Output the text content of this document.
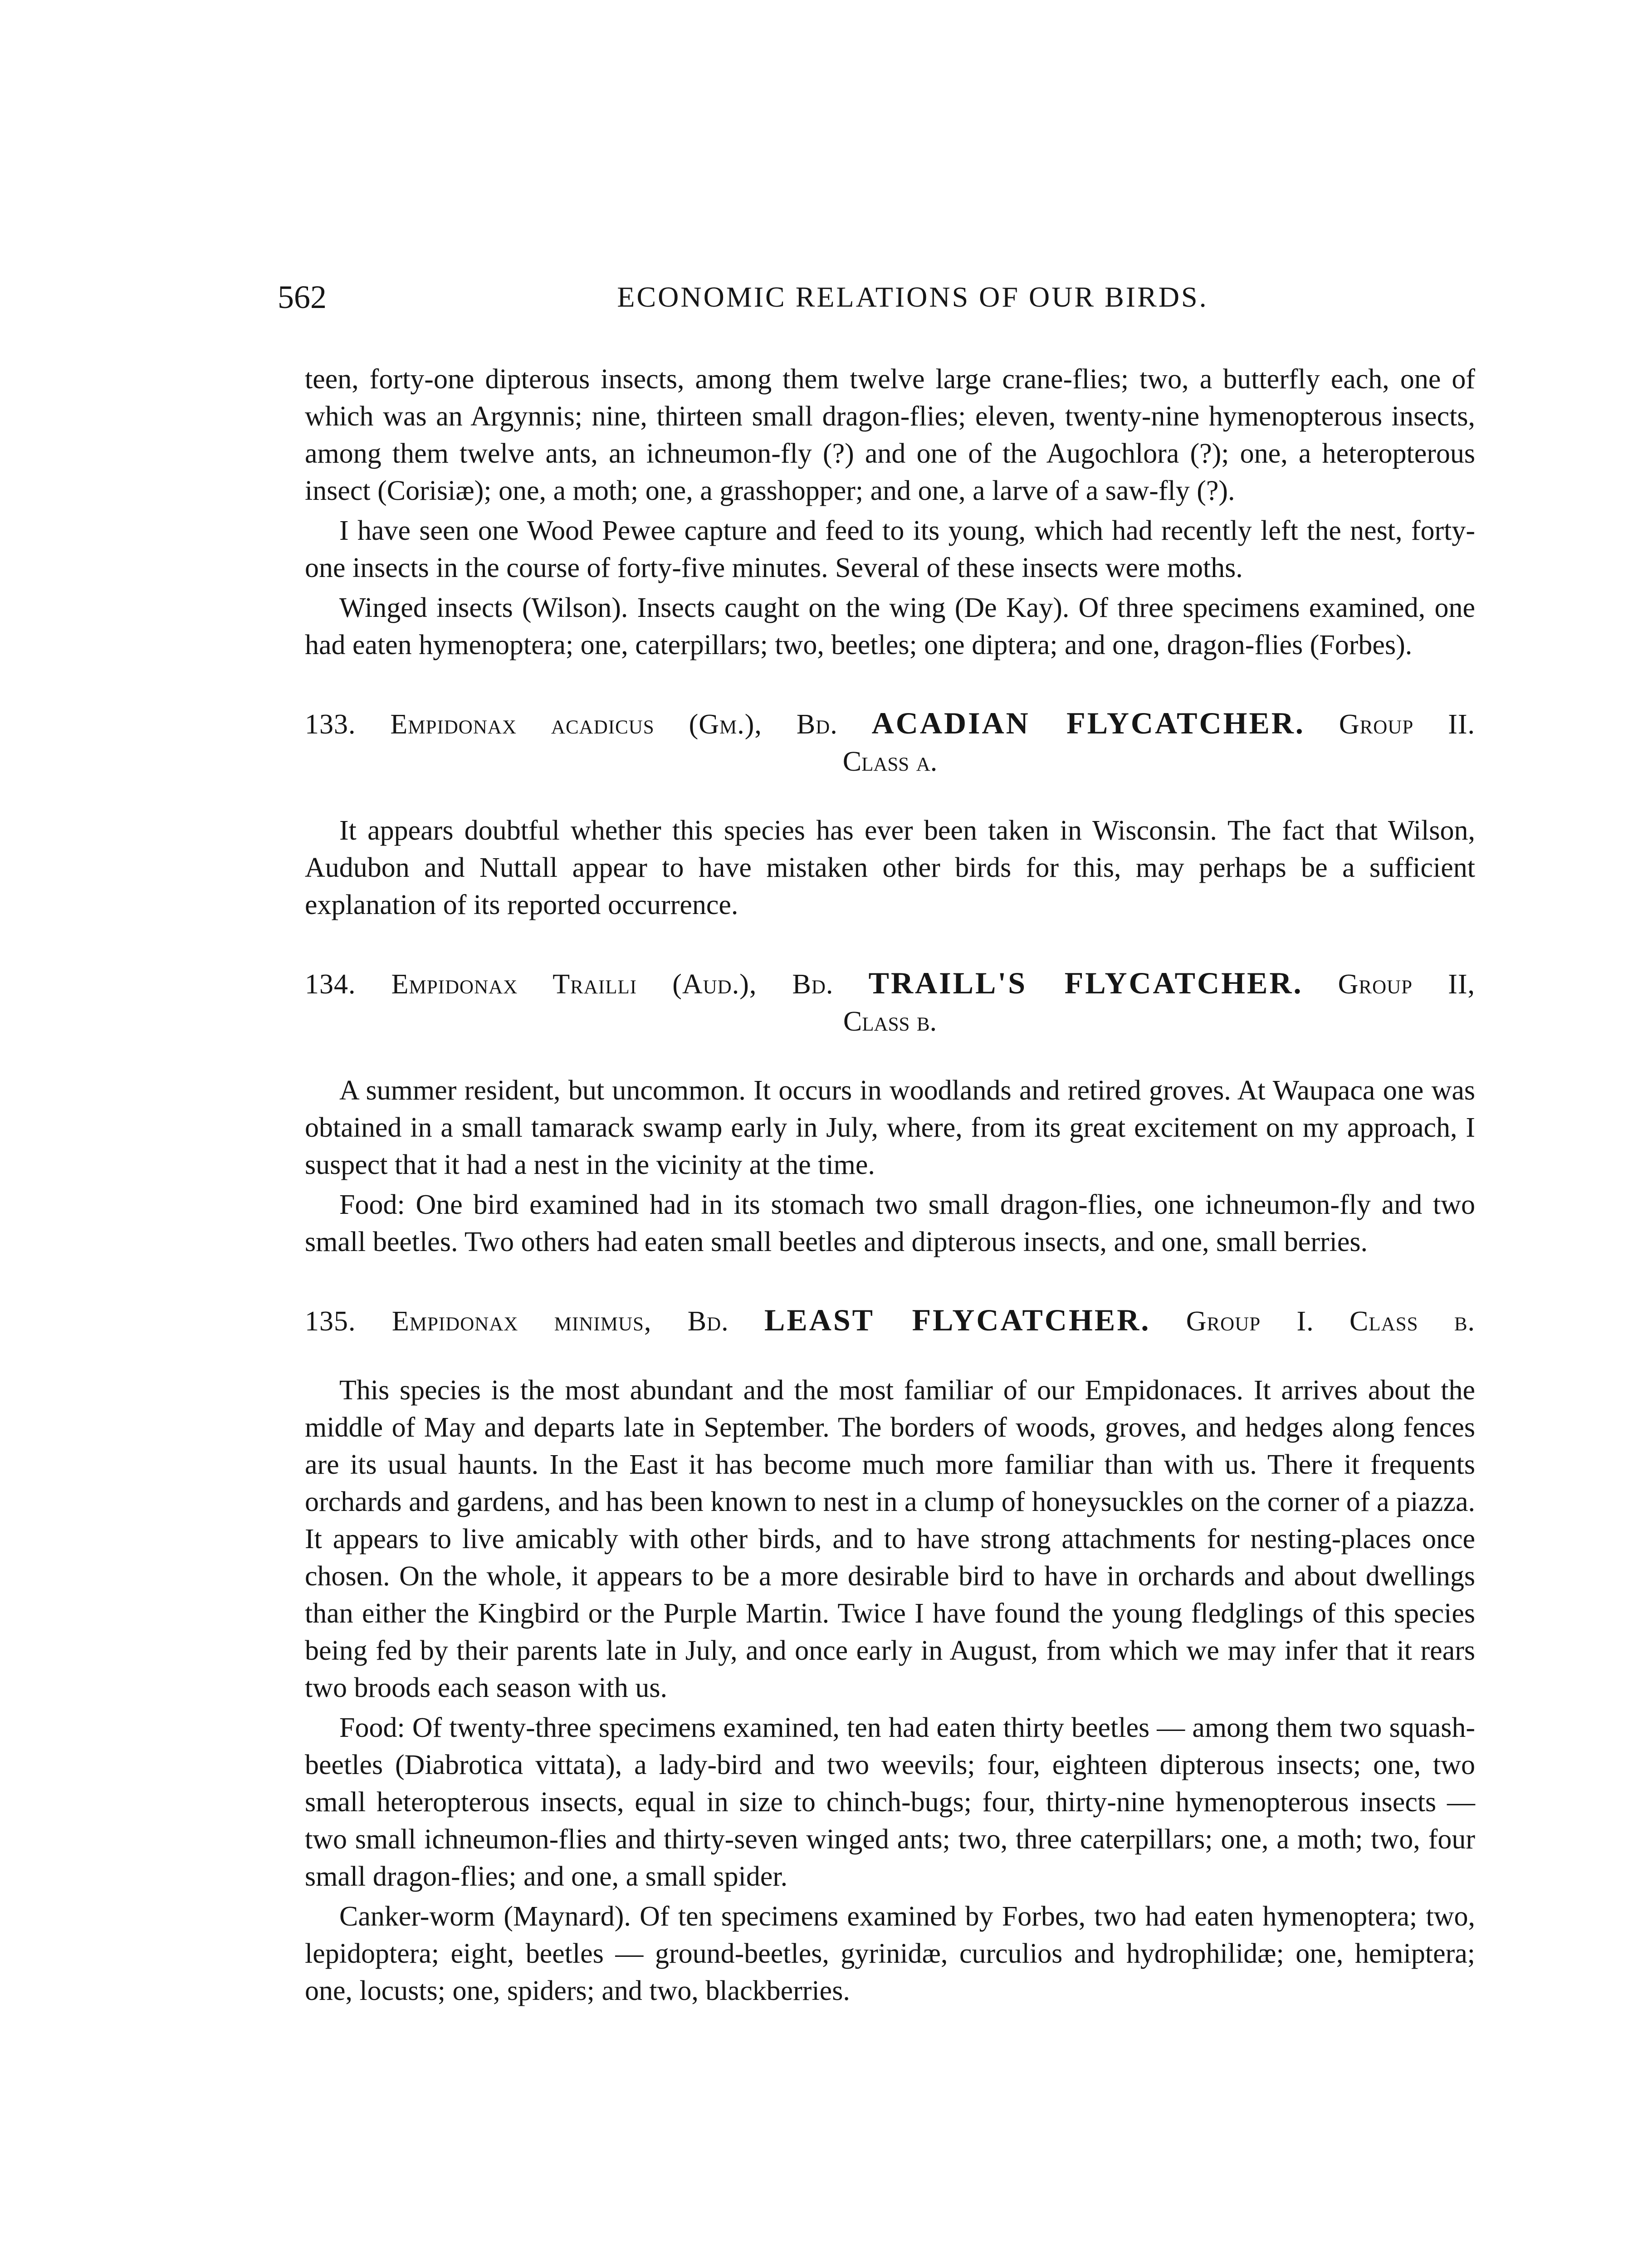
562	ECONOMIC RELATIONS OF OUR BIRDS.

teen, forty-one dipterous insects, among them twelve large crane-flies; two, a butterfly each, one of which was an Argynnis; nine, thirteen small dragon-flies; eleven, twenty-nine hymenopterous insects, among them twelve ants, an ichneumon-fly (?) and one of the Augochlora (?); one, a heteropterous insect (Corisiæ); one, a moth; one, a grasshopper; and one, a larve of a saw-fly (?).

I have seen one Wood Pewee capture and feed to its young, which had recently left the nest, forty-one insects in the course of forty-five minutes. Several of these insects were moths.

Winged insects (Wilson). Insects caught on the wing (De Kay). Of three specimens examined, one had eaten hymenoptera; one, caterpillars; two, beetles; one diptera; and one, dragon-flies (Forbes).

133. Empidonax acadicus (Gm.), Bd. ACADIAN FLYCATCHER. Group II.

Class a.

It appears doubtful whether this species has ever been taken in Wisconsin. The fact that Wilson, Audubon and Nuttall appear to have mistaken other birds for this, may perhaps be a sufficient explanation of its reported occurrence.

134. Empidonax Trailli (Aud.), Bd. TRAILL'S FLYCATCHER. Group II,

Class b.

A summer resident, but uncommon. It occurs in woodlands and retired groves. At Waupaca one was obtained in a small tamarack swamp early in July, where, from its great excitement on my approach, I suspect that it had a nest in the vicinity at the time.

Food: One bird examined had in its stomach two small dragon-flies, one ichneumon-fly and two small beetles. Two others had eaten small beetles and dipterous insects, and one, small berries.

135. Empidonax minimus, Bd. LEAST FLYCATCHER. Group I. Class b.

This species is the most abundant and the most familiar of our Empidonaces. It arrives about the middle of May and departs late in September. The borders of woods, groves, and hedges along fences are its usual haunts. In the East it has become much more familiar than with us. There it frequents orchards and gardens, and has been known to nest in a clump of honeysuckles on the corner of a piazza. It appears to live amicably with other birds, and to have strong attachments for nesting-places once chosen. On the whole, it appears to be a more desirable bird to have in orchards and about dwellings than either the Kingbird or the Purple Martin. Twice I have found the young fledglings of this species being fed by their parents late in July, and once early in August, from which we may infer that it rears two broods each season with us.

Food: Of twenty-three specimens examined, ten had eaten thirty beetles — among them two squash-beetles (Diabrotica vittata), a lady-bird and two weevils; four, eighteen dipterous insects; one, two small heteropterous insects, equal in size to chinch-bugs; four, thirty-nine hymenopterous insects — two small ichneumon-flies and thirty-seven winged ants; two, three caterpillars; one, a moth; two, four small dragon-flies; and one, a small spider.

Canker-worm (Maynard). Of ten specimens examined by Forbes, two had eaten hymenoptera; two, lepidoptera; eight, beetles — ground-beetles, gyrinidæ, curculios and hydrophilidæ; one, hemiptera; one, locusts; one, spiders; and two, blackberries.
